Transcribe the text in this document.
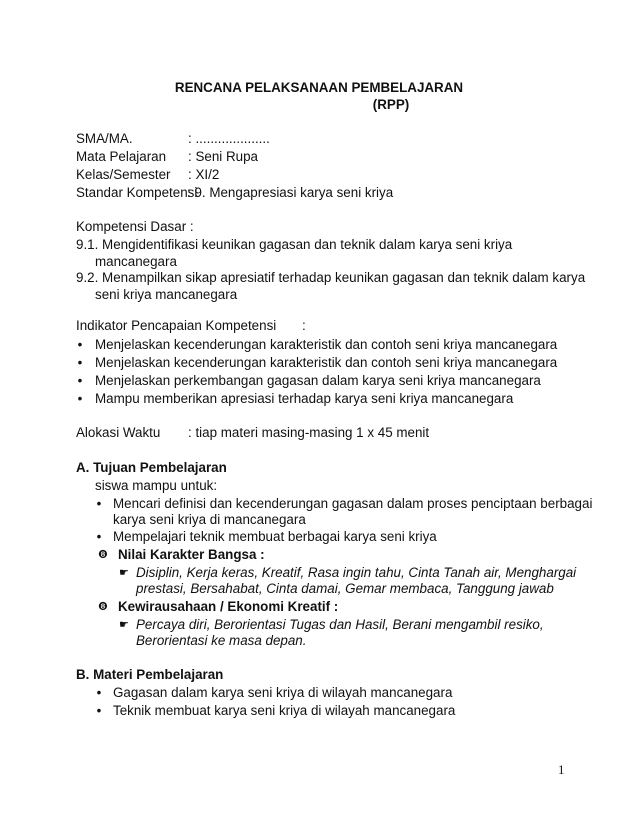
RENCANA PELAKSANAAN PEMBELAJARAN
(RPP)
SMA/MA.	: ....................
Mata Pelajaran : Seni Rupa
Kelas/Semester : XI/2
Standar Kompetensi
: 9. Mengapresiasi karya seni kriya
Kompetensi Dasar :
9.1. Mengidentifikasi keunikan gagasan dan teknik dalam karya seni kriya
mancanegara
9.2. Menampilkan sikap apresiatif terhadap keunikan gagasan dan teknik dalam karya
seni kriya mancanegara
Indikator Pencapaian Kompetensi :
• Menjelaskan kecenderungan karakteristik dan contoh seni kriya mancanegara
• Menjelaskan kecenderungan karakteristik dan contoh seni kriya mancanegara
• Menjelaskan perkembangan gagasan dalam karya seni kriya mancanegara
• Mampu memberikan apresiasi terhadap karya seni kriya mancanegara
Alokasi Waktu : tiap materi masing-masing 1 x 45 menit
A. Tujuan Pembelajaran
siswa mampu untuk:
• Mencari definisi dan kecenderungan gagasan dalam proses penciptaan berbagai
karya seni kriya di mancanegara
• Mempelajari teknik membuat berbagai karya seni kriya
❽ Nilai Karakter Bangsa :
☛ Disiplin, Kerja keras, Kreatif, Rasa ingin tahu, Cinta Tanah air, Menghargai
prestasi, Bersahabat, Cinta damai, Gemar membaca, Tanggung jawab
❽ Kewirausahaan / Ekonomi Kreatif :
☛ Percaya diri, Berorientasi Tugas dan Hasil, Berani mengambil resiko,
Berorientasi ke masa depan.
B. Materi Pembelajaran
• Gagasan dalam karya seni kriya di wilayah mancanegara
• Teknik membuat karya seni kriya di wilayah mancanegara
1
